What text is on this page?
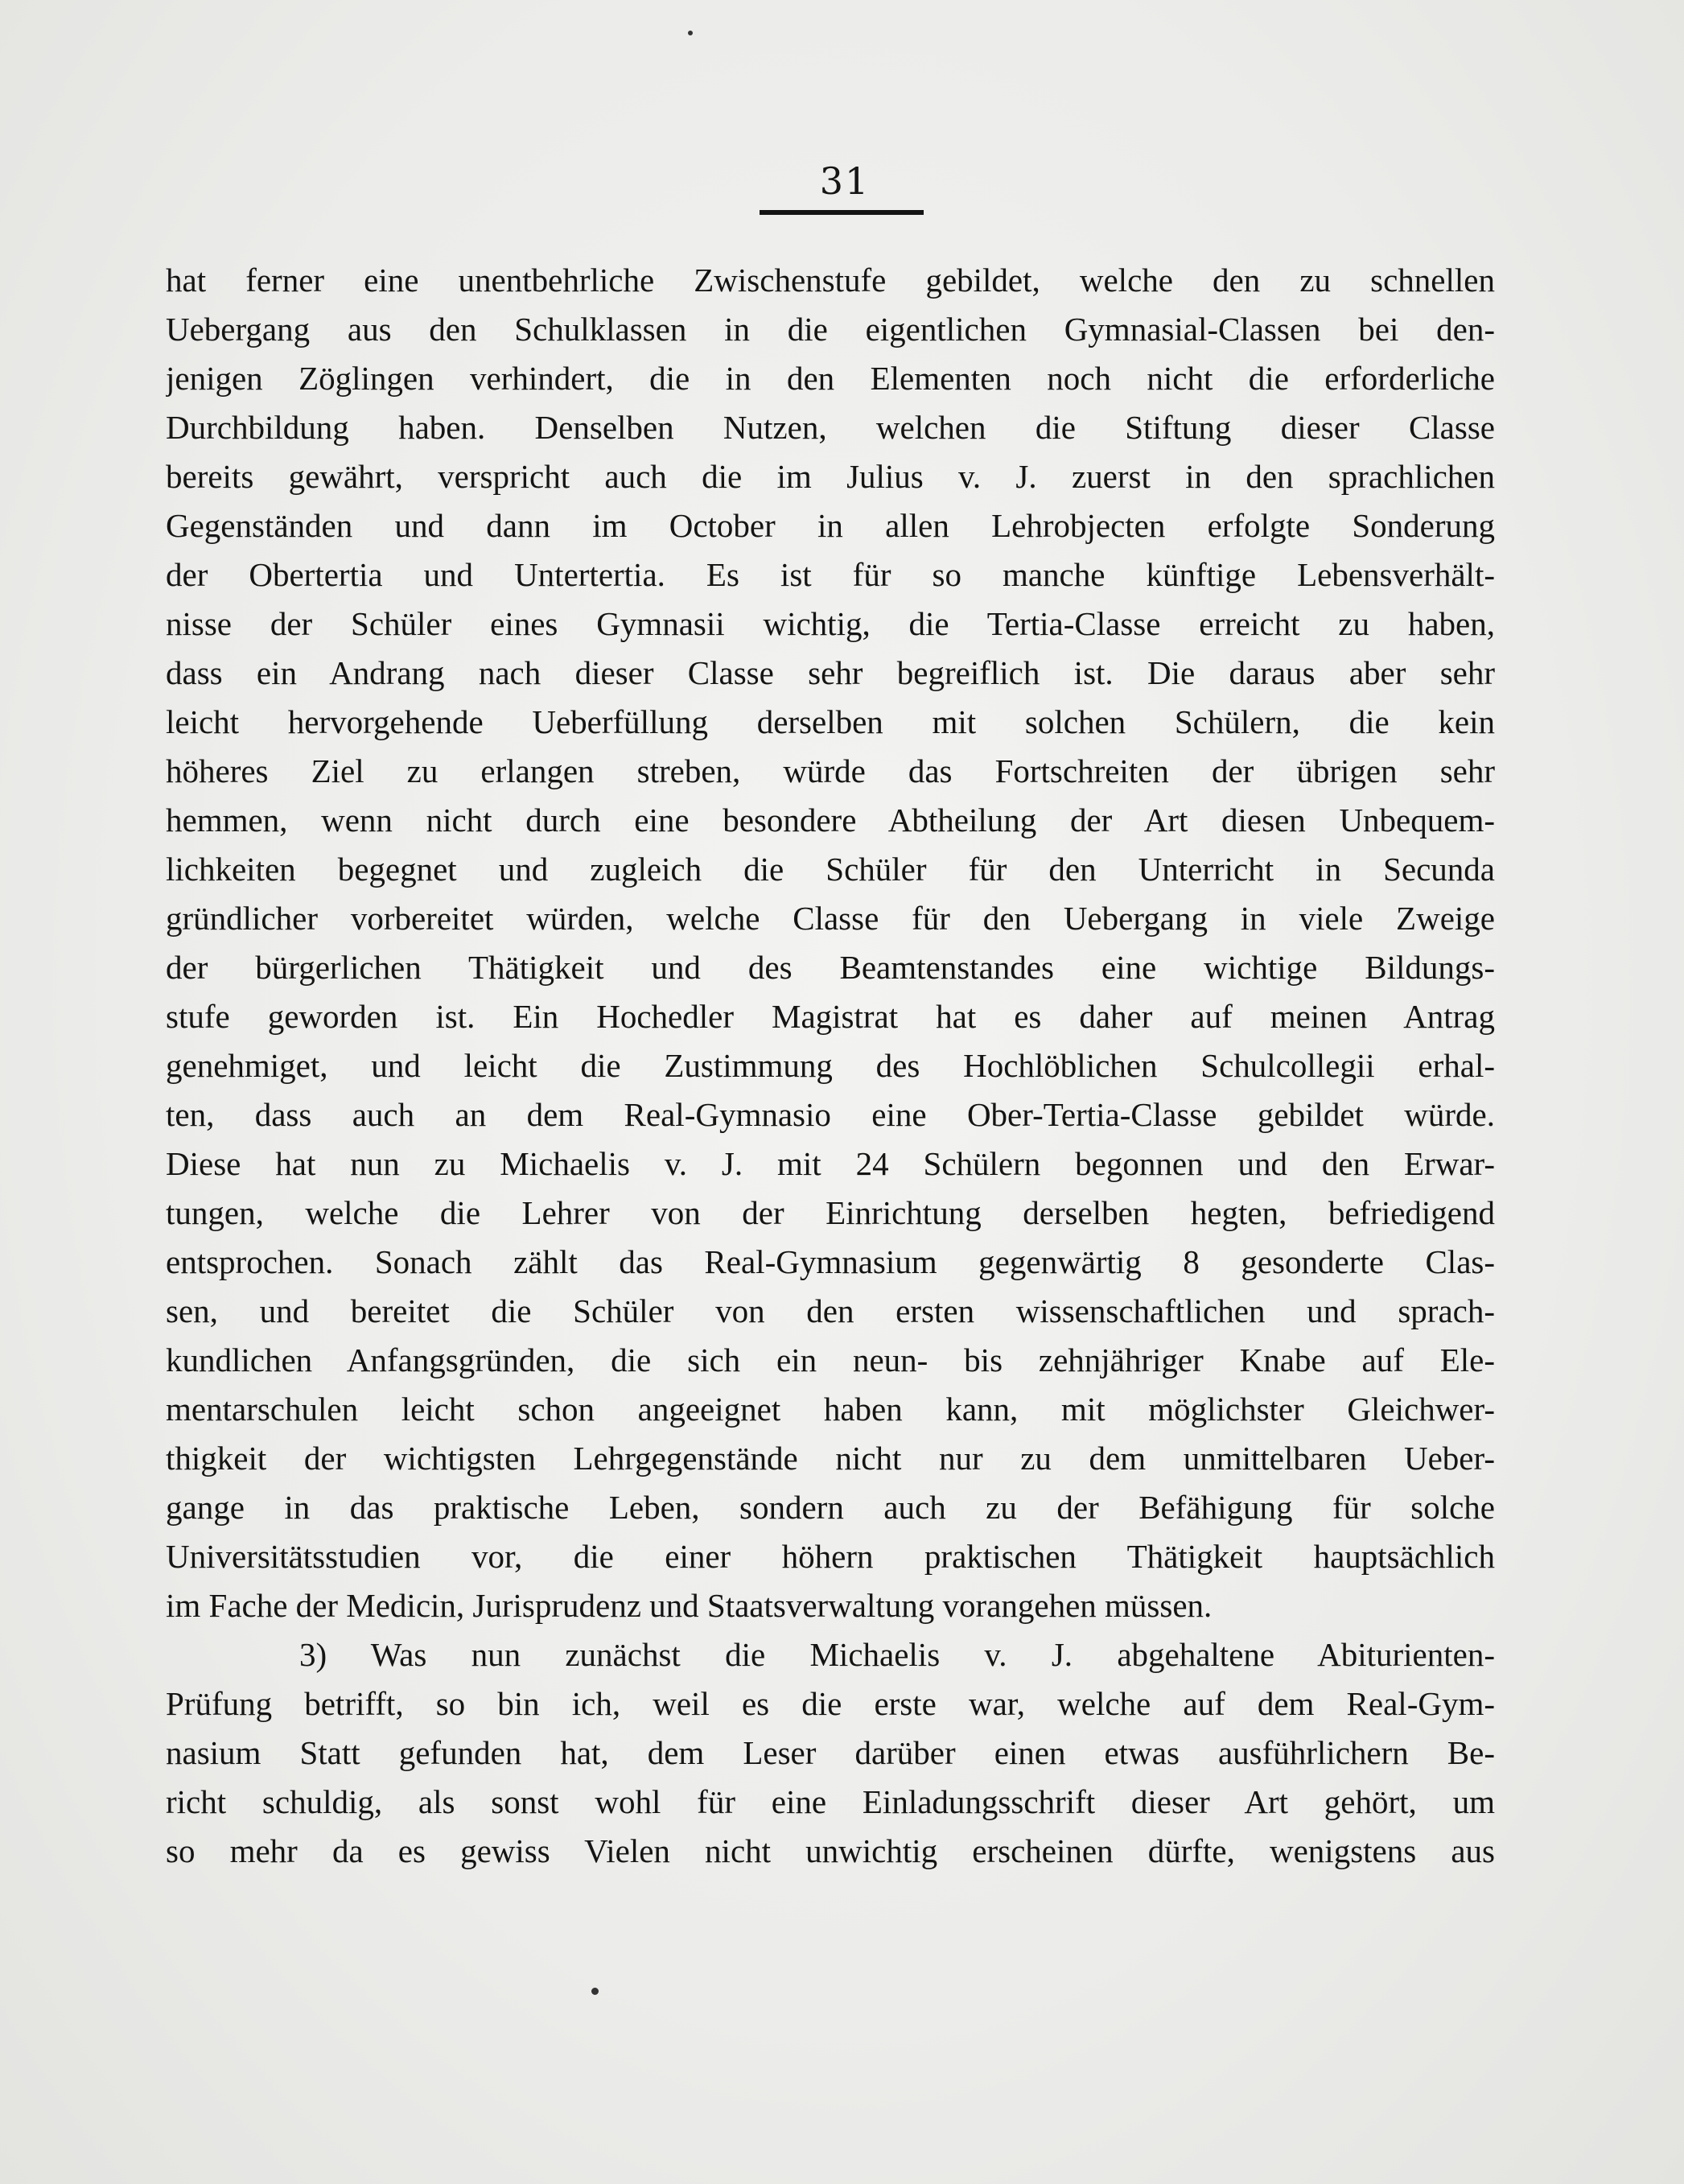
31
hat ferner eine unentbehrliche Zwischenstufe gebildet, welche den zu schnellen
Uebergang aus den Schulklassen in die eigentlichen Gymnasial-Classen bei den-
jenigen Zöglingen verhindert, die in den Elementen noch nicht die erforderliche
Durchbildung haben. Denselben Nutzen, welchen die Stiftung dieser Classe
bereits gewährt, verspricht auch die im Julius v. J. zuerst in den sprachlichen
Gegenständen und dann im October in allen Lehrobjecten erfolgte Sonderung
der Obertertia und Untertertia. Es ist für so manche künftige Lebensverhält-
nisse der Schüler eines Gymnasii wichtig, die Tertia-Classe erreicht zu haben,
dass ein Andrang nach dieser Classe sehr begreiflich ist. Die daraus aber sehr
leicht hervorgehende Ueberfüllung derselben mit solchen Schülern, die kein
höheres Ziel zu erlangen streben, würde das Fortschreiten der übrigen sehr
hemmen, wenn nicht durch eine besondere Abtheilung der Art diesen Unbequem-
lichkeiten begegnet und zugleich die Schüler für den Unterricht in Secunda
gründlicher vorbereitet würden, welche Classe für den Uebergang in viele Zweige
der bürgerlichen Thätigkeit und des Beamtenstandes eine wichtige Bildungs-
stufe geworden ist. Ein Hochedler Magistrat hat es daher auf meinen Antrag
genehmiget, und leicht die Zustimmung des Hochlöblichen Schulcollegii erhal-
ten, dass auch an dem Real-Gymnasio eine Ober-Tertia-Classe gebildet würde.
Diese hat nun zu Michaelis v. J. mit 24 Schülern begonnen und den Erwar-
tungen, welche die Lehrer von der Einrichtung derselben hegten, befriedigend
entsprochen. Sonach zählt das Real-Gymnasium gegenwärtig 8 gesonderte Clas-
sen, und bereitet die Schüler von den ersten wissenschaftlichen und sprach-
kundlichen Anfangsgründen, die sich ein neun- bis zehnjähriger Knabe auf Ele-
mentarschulen leicht schon angeeignet haben kann, mit möglichster Gleichwer-
thigkeit der wichtigsten Lehrgegenstände nicht nur zu dem unmittelbaren Ueber-
gange in das praktische Leben, sondern auch zu der Befähigung für solche
Universitätsstudien vor, die einer höhern praktischen Thätigkeit hauptsächlich
im Fache der Medicin, Jurisprudenz und Staatsverwaltung vorangehen müssen.
3) Was nun zunächst die Michaelis v. J. abgehaltene Abiturienten-
Prüfung betrifft, so bin ich, weil es die erste war, welche auf dem Real-Gym-
nasium Statt gefunden hat, dem Leser darüber einen etwas ausführlichern Be-
richt schuldig, als sonst wohl für eine Einladungsschrift dieser Art gehört, um
so mehr da es gewiss Vielen nicht unwichtig erscheinen dürfte, wenigstens aus
